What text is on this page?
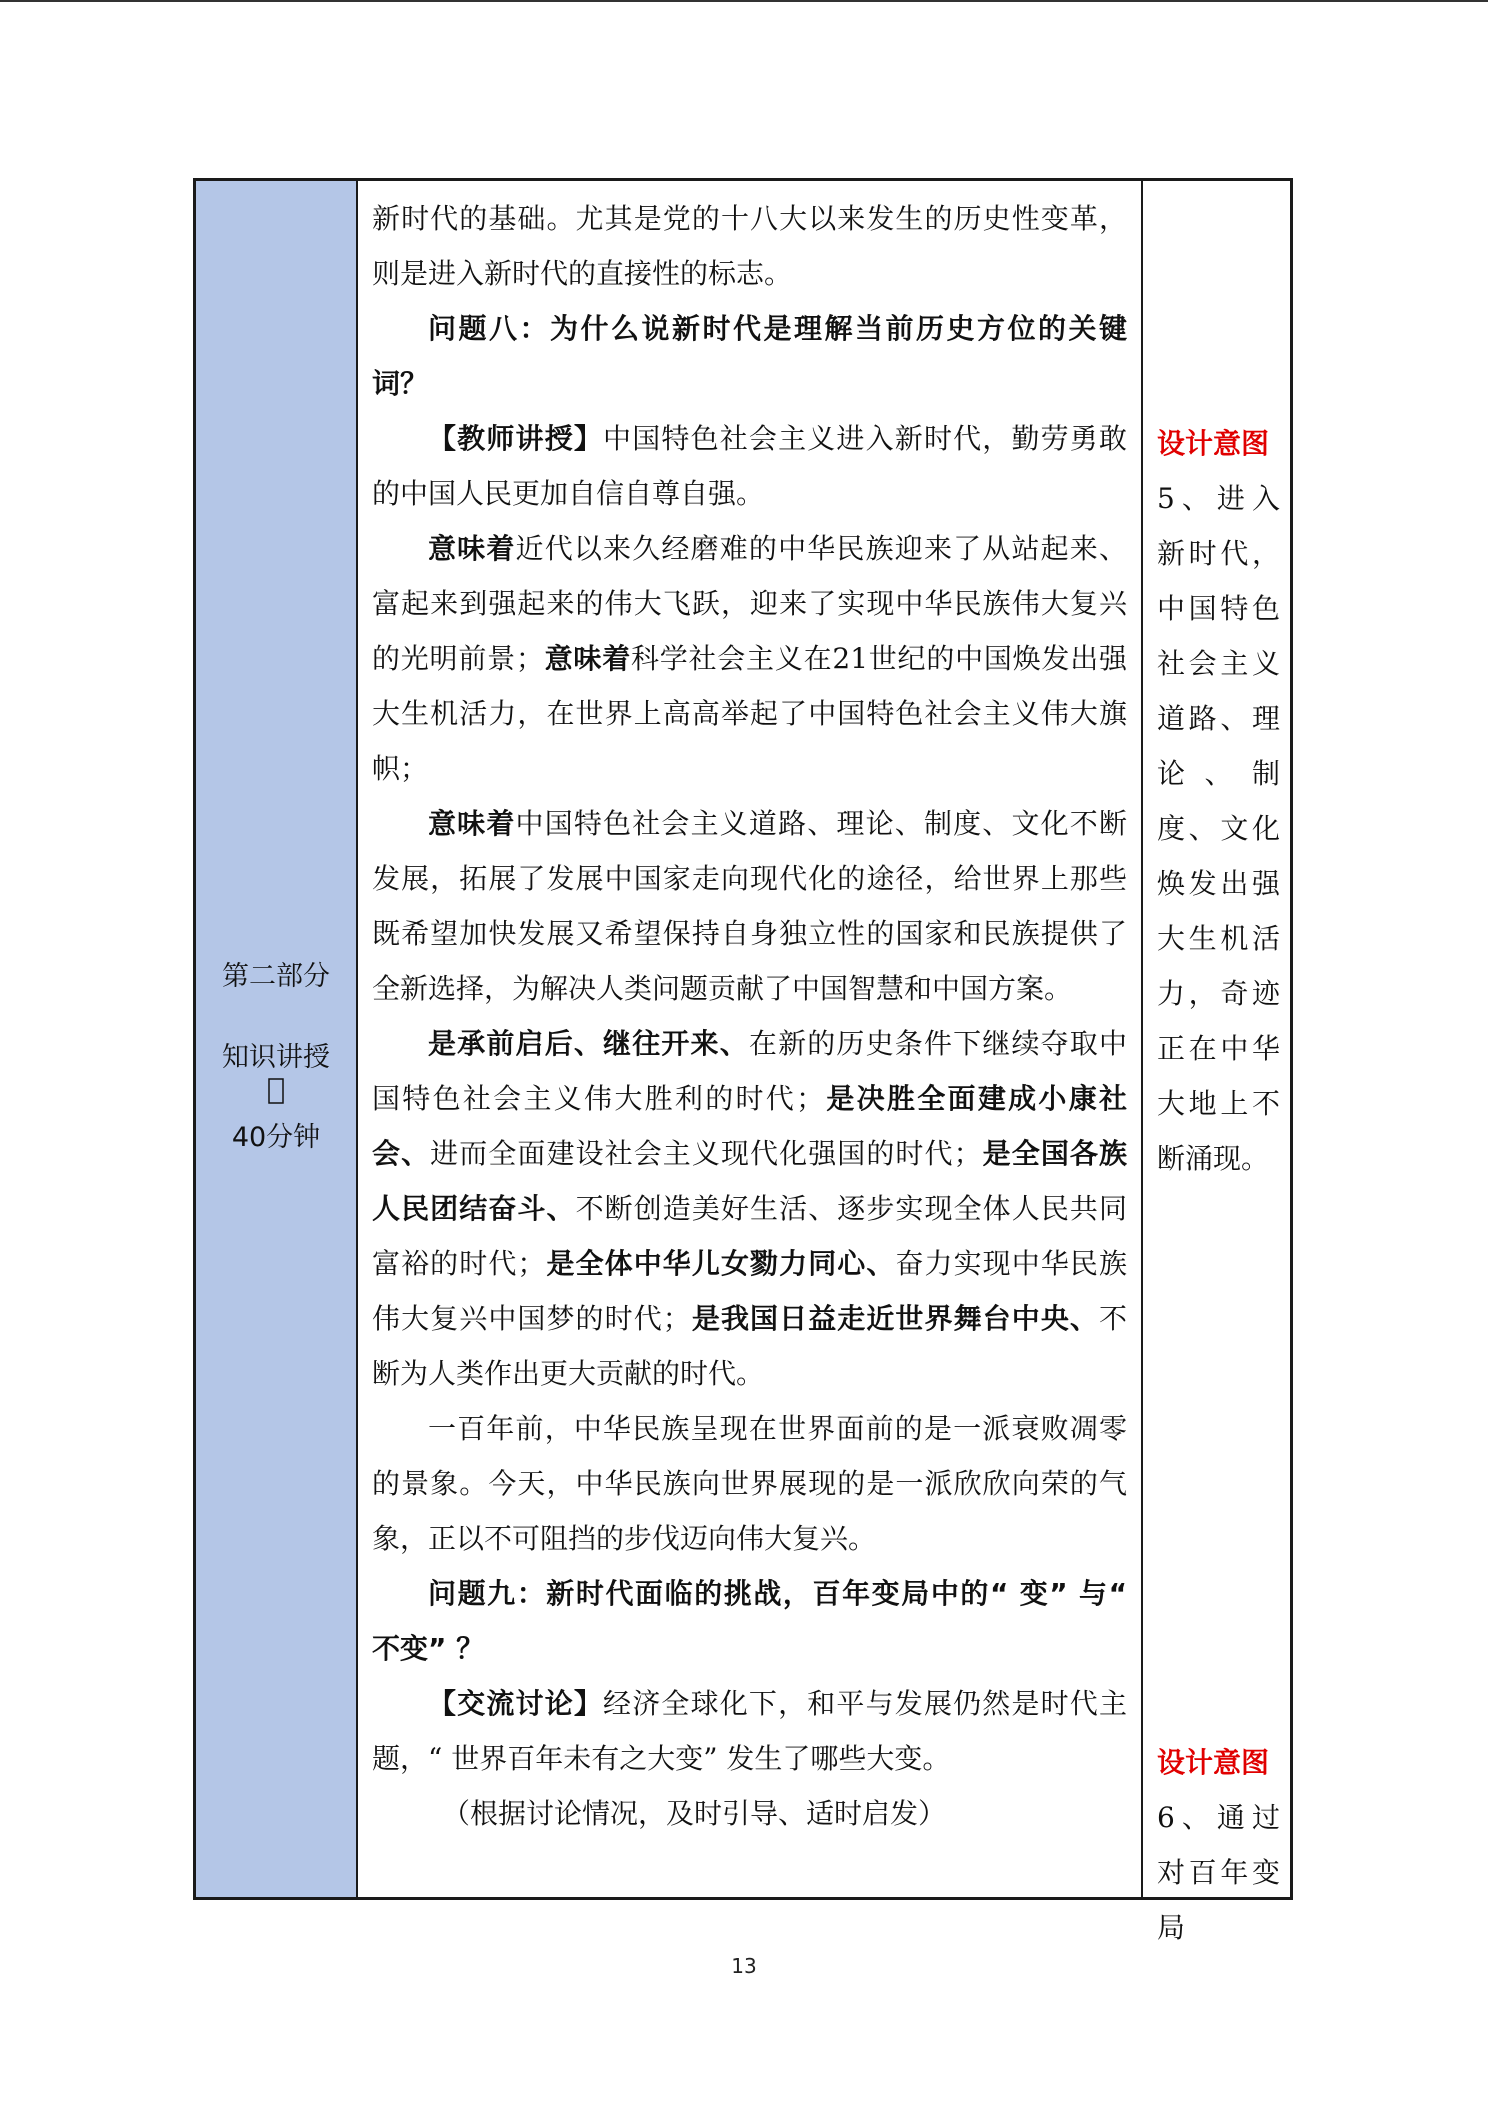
第二部分
知识讲授
40分钟

新时代的基础。尤其是党的十八大以来发生的历史性变革，则是进入新时代的直接性的标志。

问题八：为什么说新时代是理解当前历史方位的关键词？

【教师讲授】中国特色社会主义进入新时代，勤劳勇敢的中国人民更加自信自尊自强。

意味着近代以来久经磨难的中华民族迎来了从站起来、富起来到强起来的伟大飞跃，迎来了实现中华民族伟大复兴的光明前景；意味着科学社会主义在21世纪的中国焕发出强大生机活力，在世界上高高举起了中国特色社会主义伟大旗帜；

意味着中国特色社会主义道路、理论、制度、文化不断发展，拓展了发展中国家走向现代化的途径，给世界上那些既希望加快发展又希望保持自身独立性的国家和民族提供了全新选择，为解决人类问题贡献了中国智慧和中国方案。

是承前启后、继往开来、在新的历史条件下继续夺取中国特色社会主义伟大胜利的时代；是决胜全面建成小康社会、进而全面建设社会主义现代化强国的时代；是全国各族人民团结奋斗、不断创造美好生活、逐步实现全体人民共同富裕的时代；是全体中华儿女勠力同心、奋力实现中华民族伟大复兴中国梦的时代；是我国日益走近世界舞台中央、不断为人类作出更大贡献的时代。

一百年前，中华民族呈现在世界面前的是一派衰败凋零的景象。今天，中华民族向世界展现的是一派欣欣向荣的气象，正以不可阻挡的步伐迈向伟大复兴。

问题九：新时代面临的挑战，百年变局中的“ 变” 与“ 不变” ？

【交流讨论】经济全球化下，和平与发展仍然是时代主题，“ 世界百年未有之大变” 发生了哪些大变。

（根据讨论情况，及时引导、适时启发）

设计意图
5、进入新时代，中国特色社会主义道路、理论、制度、文化焕发出强大生机活力，奇迹正在中华大地上不断涌现。
设计意图
6、通过对百年变局
13
